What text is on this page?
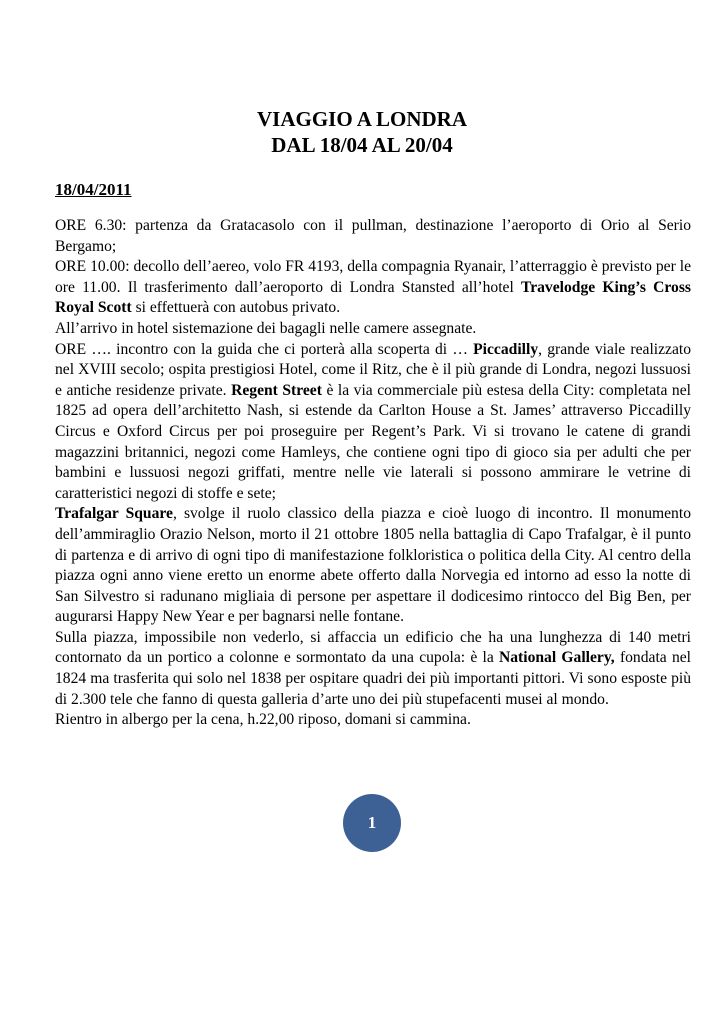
VIAGGIO A LONDRA
DAL 18/04 AL 20/04
18/04/2011

ORE 6.30: partenza da Gratacasolo con il pullman, destinazione l’aeroporto di Orio al Serio Bergamo;

ORE 10.00: decollo dell’aereo, volo FR 4193, della compagnia Ryanair, l’atterraggio è previsto per le ore 11.00. Il trasferimento dall’aeroporto di Londra Stansted all’hotel Travelodge King’s Cross Royal Scott si effettuerà con autobus privato.

All’arrivo in hotel sistemazione dei bagagli nelle camere assegnate.

ORE …. incontro con la guida che ci porterà alla scoperta di … Piccadilly, grande viale realizzato nel XVIII secolo; ospita prestigiosi Hotel, come il Ritz, che è il più grande di Londra, negozi lussuosi e antiche residenze private. Regent Street è la via commerciale più estesa della City: completata nel 1825 ad opera dell’architetto Nash, si estende da Carlton House a St. James’ attraverso Piccadilly Circus e Oxford Circus per poi proseguire per Regent’s Park. Vi si trovano le catene di grandi magazzini britannici, negozi come Hamleys, che contiene ogni tipo di gioco sia per adulti che per bambini e lussuosi negozi griffati, mentre nelle vie laterali si possono ammirare le vetrine di caratteristici negozi di stoffe e sete;

Trafalgar Square, svolge il ruolo classico della piazza e cioè luogo di incontro. Il monumento dell’ammiraglio Orazio Nelson, morto il 21 ottobre 1805 nella battaglia di Capo Trafalgar, è il punto di partenza e di arrivo di ogni tipo di manifestazione folkloristica o politica della City. Al centro della piazza ogni anno viene eretto un enorme abete offerto dalla Norvegia ed intorno ad esso la notte di San Silvestro si radunano migliaia di persone per aspettare il dodicesimo rintocco del Big Ben, per augurarsi Happy New Year e per bagnarsi nelle fontane.

Sulla piazza, impossibile non vederlo, si affaccia un edificio che ha una lunghezza di 140 metri contornato da un portico a colonne e sormontato da una cupola: è la National Gallery, fondata nel 1824 ma trasferita qui solo nel 1838 per ospitare quadri dei più importanti pittori. Vi sono esposte più di 2.300 tele che fanno di questa galleria d’arte uno dei più stupefacenti musei al mondo.

Rientro in albergo per la cena, h.22,00 riposo, domani si cammina.

1
